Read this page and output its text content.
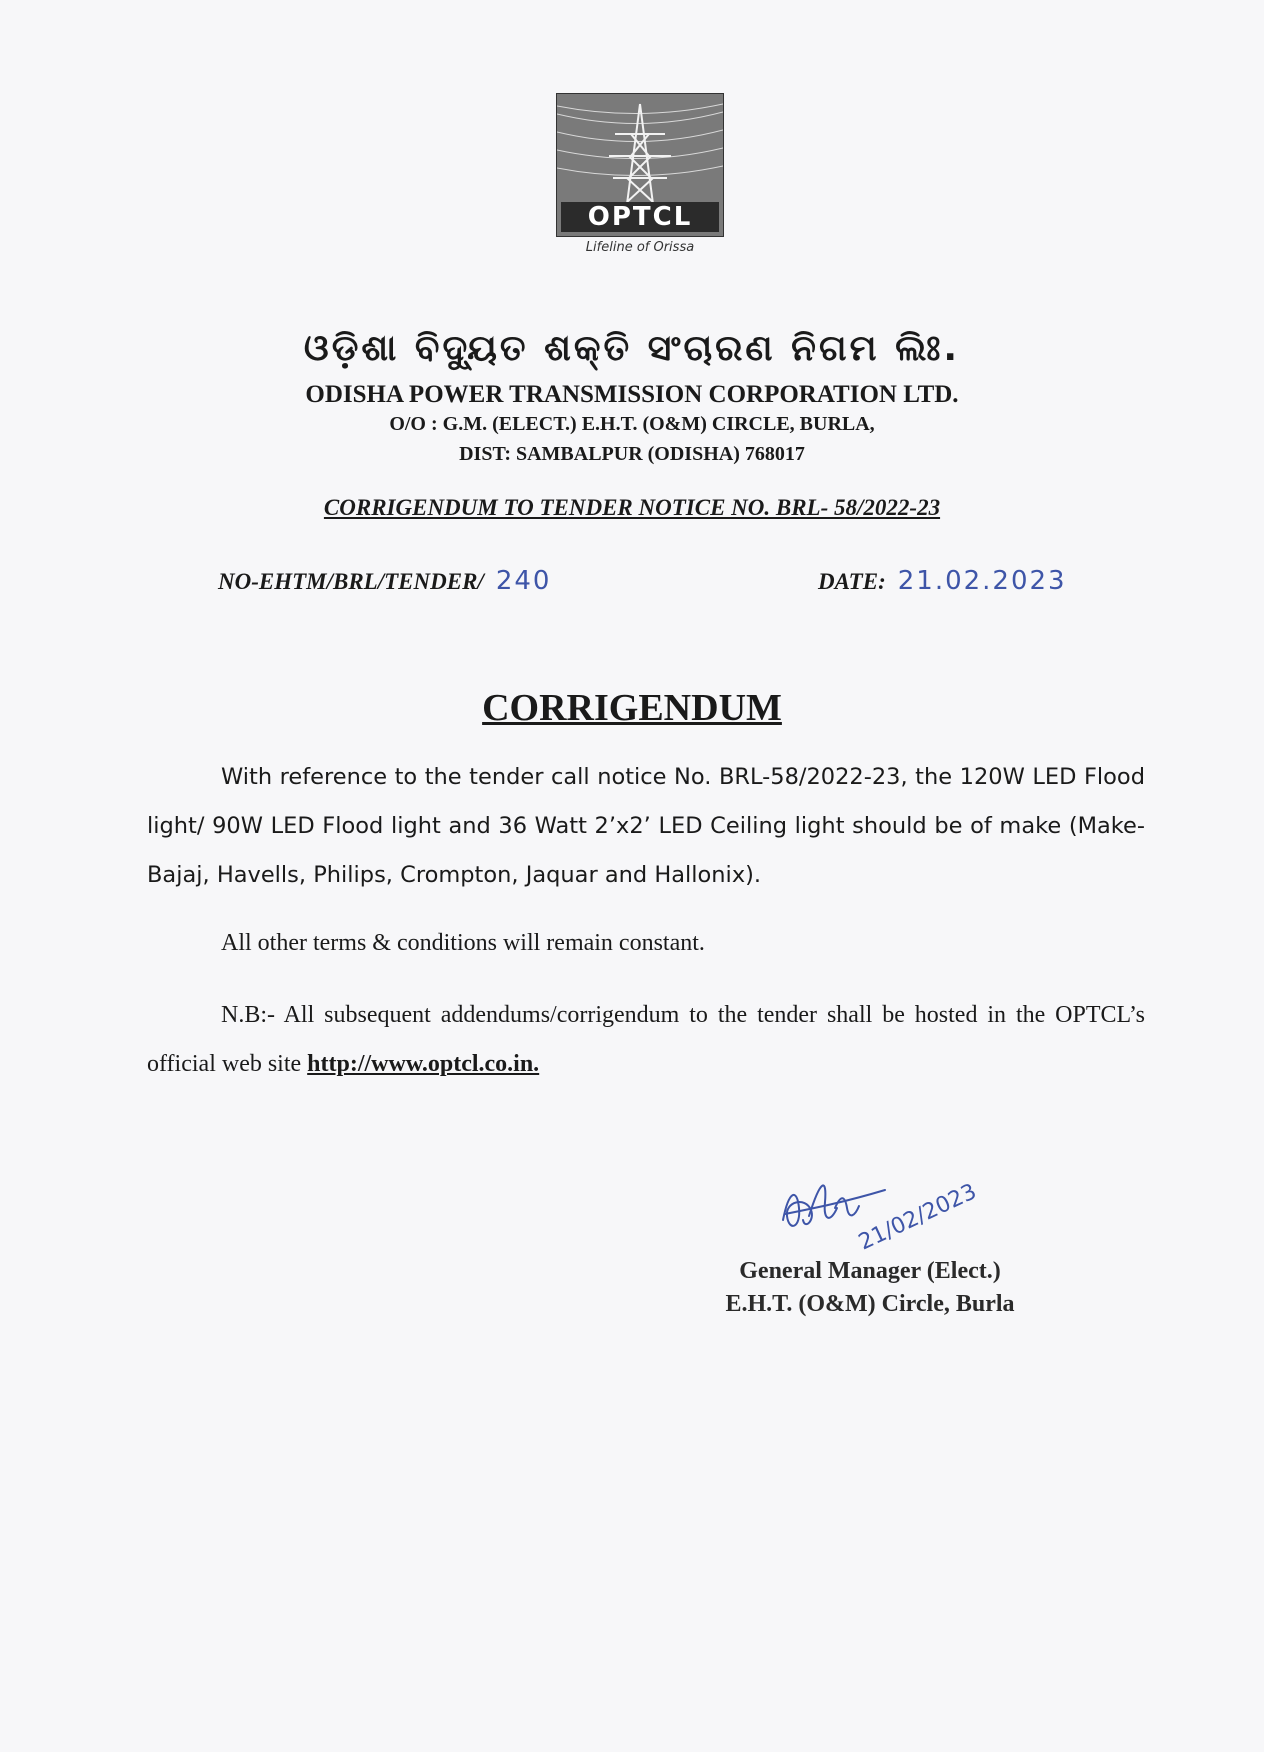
OPTCL
Lifeline of Orissa
ଓଡ଼ିଶା ବିଦ୍ୟୁତ ଶକ୍ତି ସଂଚାରଣ ନିଗମ ଲିଃ.
ODISHA POWER TRANSMISSION CORPORATION LTD.
O/O : G.M. (ELECT.) E.H.T. (O&M) CIRCLE, BURLA,
DIST: SAMBALPUR (ODISHA) 768017
CORRIGENDUM TO TENDER NOTICE NO. BRL- 58/2022-23
NO-EHTM/BRL/TENDER/ 240	DATE: 21.02.2023
CORRIGENDUM
With reference to the tender call notice No. BRL-58/2022-23, the 120W LED Flood light/ 90W LED Flood light and 36 Watt 2’x2’ LED Ceiling light should be of make (Make- Bajaj, Havells, Philips, Crompton, Jaquar and Hallonix).
All other terms & conditions will remain constant.
N.B:- All subsequent addendums/corrigendum to the tender shall be hosted in the OPTCL’s official web site http://www.optcl.co.in.
21/02/2023
General Manager (Elect.)
E.H.T. (O&M) Circle, Burla
